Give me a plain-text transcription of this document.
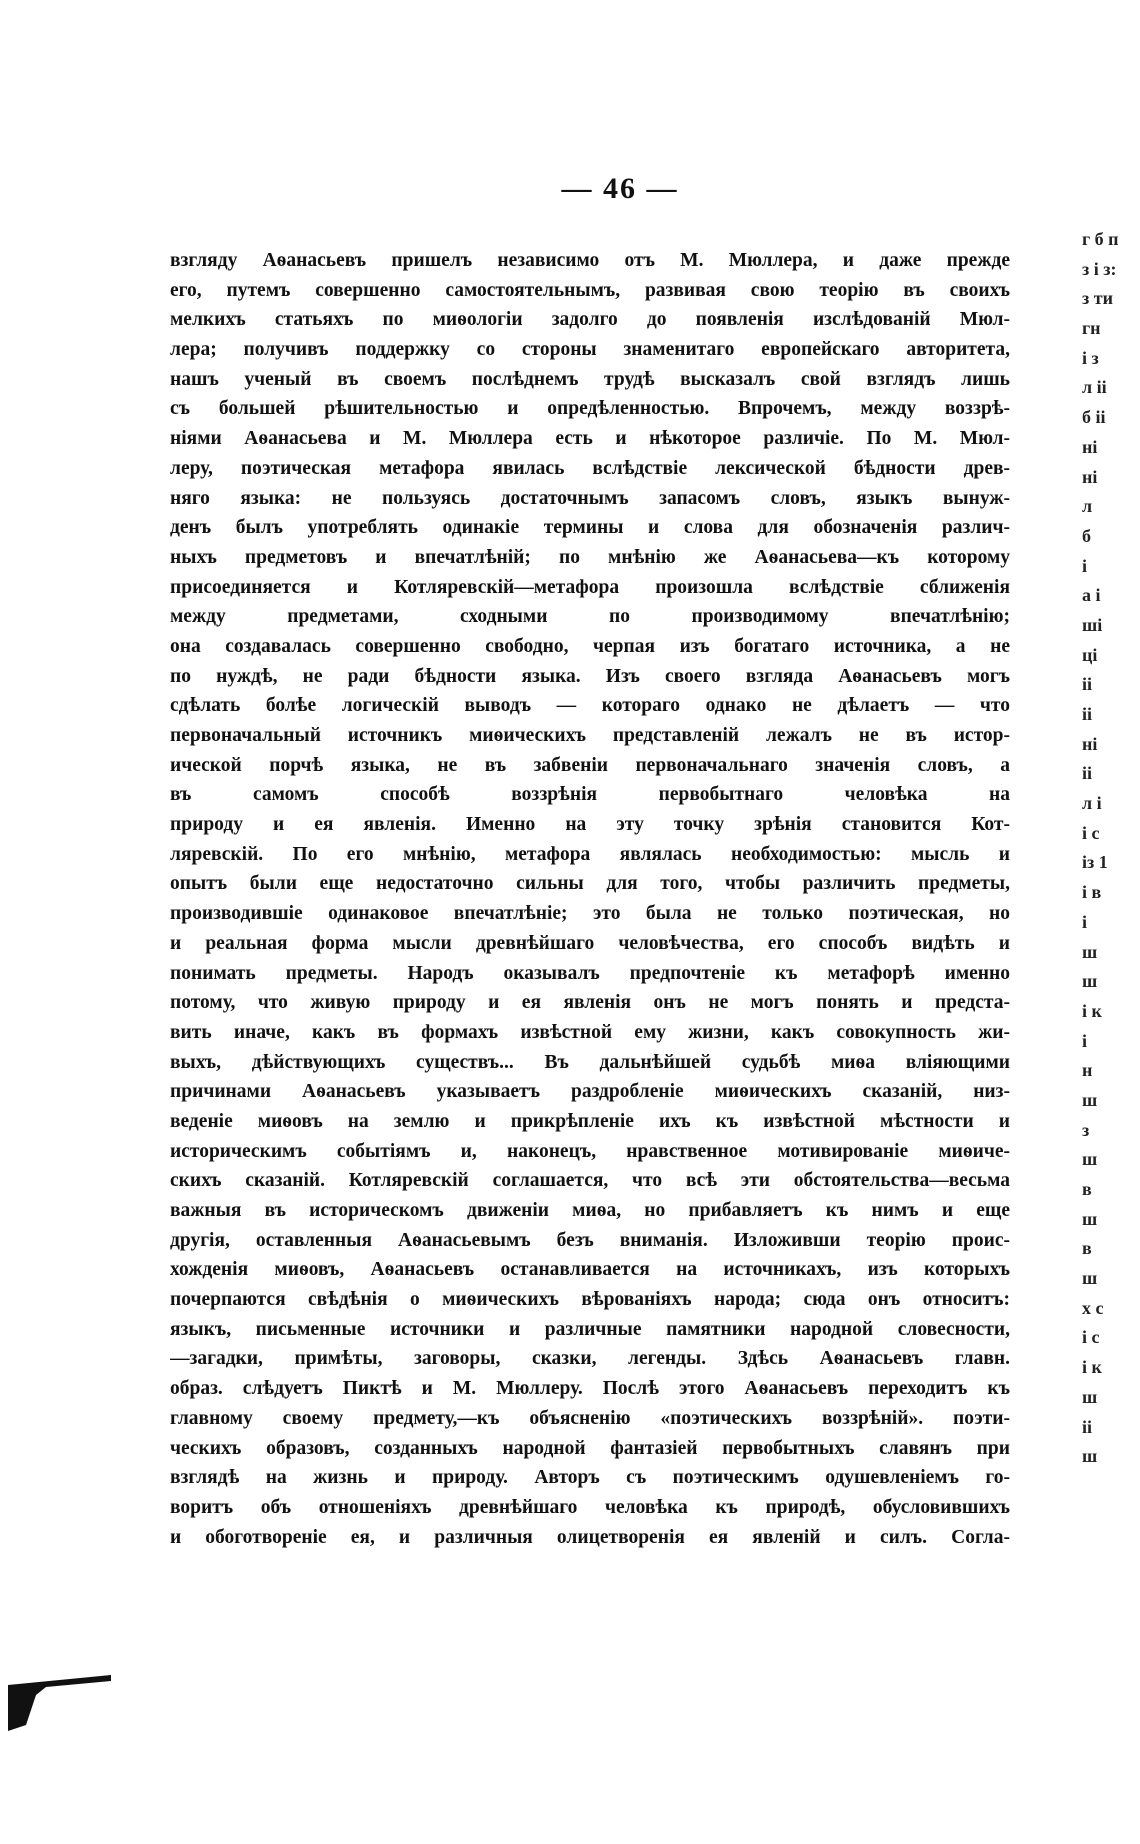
— 46 —
взгляду Аѳанасьевъ пришелъ независимо отъ М. Мюллера, и даже прежде
его, путемъ совершенно самостоятельнымъ, развивая свою теорію въ своихъ
мелкихъ статьяхъ по миѳологіи задолго до появленія изслѣдованій Мюл-
лера; получивъ поддержку со стороны знаменитаго европейскаго авторитета,
нашъ ученый въ своемъ послѣднемъ трудѣ высказалъ свой взглядъ лишь
съ большей рѣшительностью и опредѣленностью. Впрочемъ, между воззрѣ-
ніями Аѳанасьева и М. Мюллера есть и нѣкоторое различіе. По М. Мюл-
леру, поэтическая метафора явилась вслѣдствіе лексической бѣдности древ-
няго языка: не пользуясь достаточнымъ запасомъ словъ, языкъ вынуж-
денъ былъ употреблять одинакіе термины и слова для обозначенія различ-
ныхъ предметовъ и впечатлѣній; по мнѣнію же Аѳанасьева—къ которому
присоединяется и Котляревскій—метафора произошла вслѣдствіе сближенія
между предметами, сходными по производимому впечатлѣнію;
она создавалась совершенно свободно, черпая изъ богатаго источника, а не
по нуждѣ, не ради бѣдности языка. Изъ своего взгляда Аѳанасьевъ могъ
сдѣлать болѣе логическій выводъ — котораго однако не дѣлаетъ — что
первоначальный источникъ миѳическихъ представленій лежалъ не въ истор-
ической порчѣ языка, не въ забвеніи первоначальнаго значенія словъ, а
въ самомъ способѣ воззрѣнія первобытнаго человѣка на
природу и ея явленія. Именно на эту точку зрѣнія становится Кот-
ляревскій. По его мнѣнію, метафора являлась необходимостью: мысль и
опытъ были еще недостаточно сильны для того, чтобы различить предметы,
производившіе одинаковое впечатлѣніе; это была не только поэтическая, но
и реальная форма мысли древнѣйшаго человѣчества, его способъ видѣть и
понимать предметы. Народъ оказывалъ предпочтеніе къ метафорѣ именно
потому, что живую природу и ея явленія онъ не могъ понять и предста-
вить иначе, какъ въ формахъ извѣстной ему жизни, какъ совокупность жи-
выхъ, дѣйствующихъ существъ... Въ дальнѣйшей судьбѣ миѳа вліяющими
причинами Аѳанасьевъ указываетъ раздробленіе миѳическихъ сказаній, низ-
веденіе миѳовъ на землю и прикрѣпленіе ихъ къ извѣстной мѣстности и
историческимъ событіямъ и, наконецъ, нравственное мотивированіе миѳиче-
скихъ сказаній. Котляревскій соглашается, что всѣ эти обстоятельства—весьма
важныя въ историческомъ движеніи миѳа, но прибавляетъ къ нимъ и еще
другія, оставленныя Аѳанасьевымъ безъ вниманія. Изложивши теорію проис-
хожденія миѳовъ, Аѳанасьевъ останавливается на источникахъ, изъ которыхъ
почерпаются свѣдѣнія о миѳическихъ вѣрованіяхъ народа; сюда онъ относитъ:
языкъ, письменные источники и различные памятники народной словесности,
—загадки, примѣты, заговоры, сказки, легенды. Здѣсь Аѳанасьевъ главн.
образ. слѣдуетъ Пиктѣ и М. Мюллеру. Послѣ этого Аѳанасьевъ переходитъ къ
главному своему предмету,—къ объясненію «поэтическихъ воззрѣній». поэти-
ческихъ образовъ, созданныхъ народной фантазіей первобытныхъ славянъ при
взглядѣ на жизнь и природу. Авторъ съ поэтическимъ одушевленіемъ го-
воритъ объ отношеніяхъ древнѣйшаго человѣка къ природѣ, обусловившихъ
и обоготвореніе ея, и различныя олицетворенія ея явленій и силъ. Согла-
г б п
з і з:
з ти
гн
і з
л іі
б іі
ні
ні
л
б
і
а і
ші
ці
іі
іі
ні
іі
л і
і с
із 1
і в
і
ш
ш
і к
і
н
ш
з
ш
в
ш
в
ш
х с
і с
і к
ш
іі
ш
